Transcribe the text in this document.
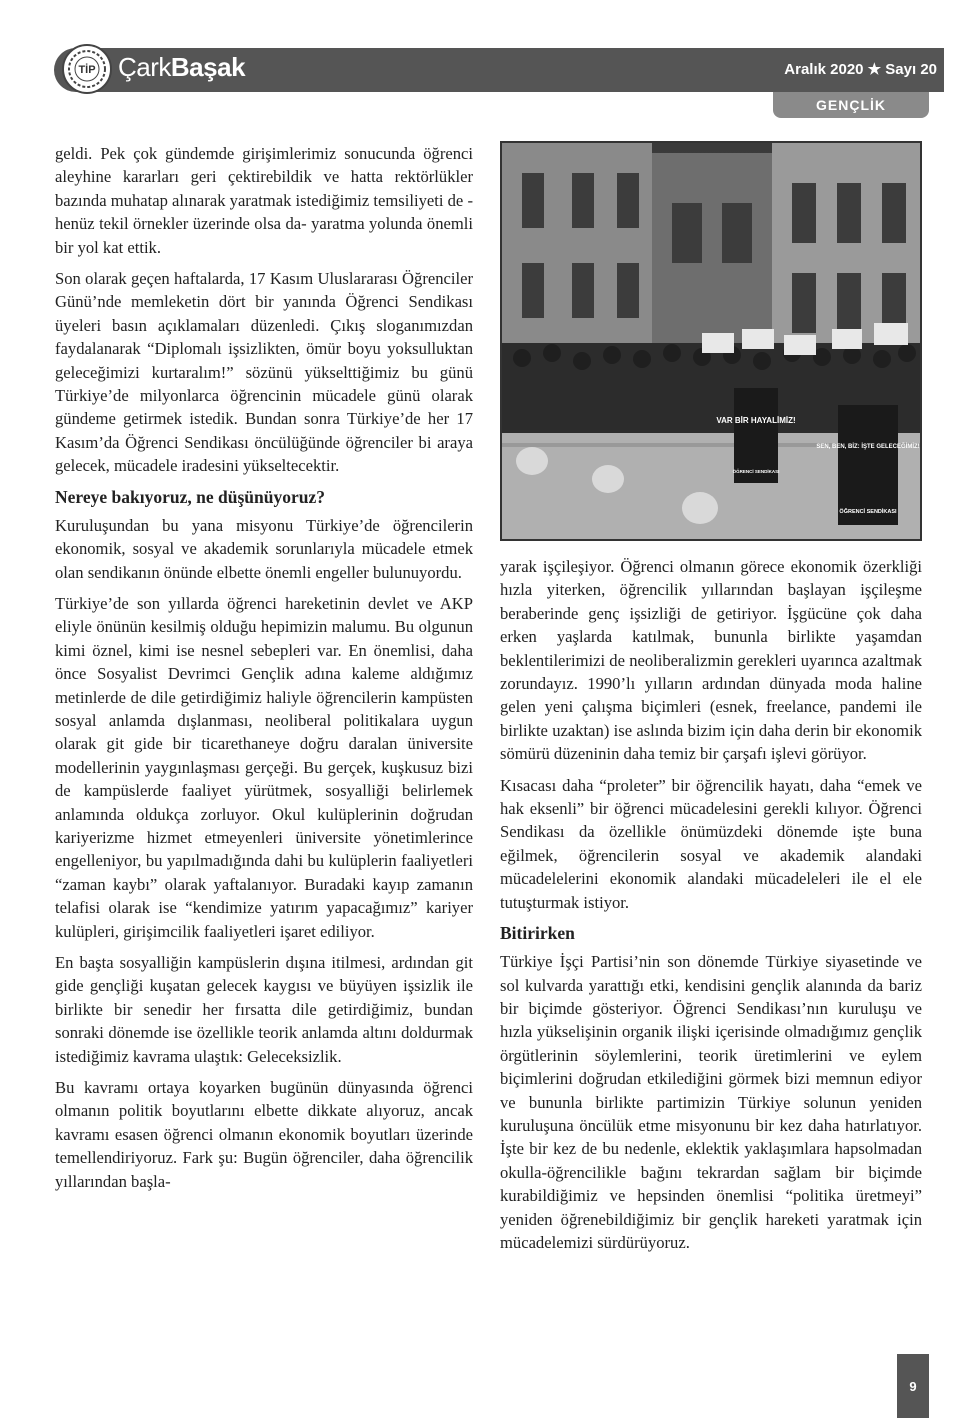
TİP ÇarkBaşak	Aralık 2020 ★ Sayı 20
GENÇLİK

geldi. Pek çok gündemde girişimlerimiz sonucunda öğrenci aleyhine kararları geri çektirebildik ve hatta rektörlükler bazında muhatap alınarak yaratmak istediğimiz temsiliyeti de -henüz tekil örnekler üzerinde olsa da- yaratma yolunda önemli bir yol kat ettik.

Son olarak geçen haftalarda, 17 Kasım Uluslararası Öğrenciler Günü’nde memleketin dört bir yanında Öğrenci Sendikası üyeleri basın açıklamaları düzenledi. Çıkış sloganımızdan faydalanarak “Diplomalı işsizlikten, ömür boyu yoksulluktan geleceğimizi kurtaralım!” sözünü yükselttiğimiz bu günü Türkiye’de milyonlarca öğrencinin mücadele günü olarak gündeme getirmek istedik. Bundan sonra Türkiye’de her 17 Kasım’da Öğrenci Sendikası öncülüğünde öğrenciler bi araya gelecek, mücadele iradesini yükseltecektir.

Nereye bakıyoruz, ne düşünüyoruz?

Kuruluşundan bu yana misyonu Türkiye’de öğrencilerin ekonomik, sosyal ve akademik sorunlarıyla mücadele etmek olan sendikanın önünde elbette önemli engeller bulunuyordu.

Türkiye’de son yıllarda öğrenci hareketinin devlet ve AKP eliyle önünün kesilmiş olduğu hepimizin malumu. Bu olgunun kimi öznel, kimi ise nesnel sebepleri var. En önemlisi, daha önce Sosyalist Devrimci Gençlik adına kaleme aldığımız metinlerde de dile getirdiğimiz haliyle öğrencilerin kampüsten sosyal anlamda dışlanması, neoliberal politikalara uygun olarak git gide bir ticarethaneye doğru daralan üniversite modellerinin yaygınlaşması gerçeği. Bu gerçek, kuşkusuz bizi de kampüslerde faaliyet yürütmek, sosyalliği belirlemek anlamında oldukça zorluyor. Okul kulüplerinin doğrudan kariyerizme hizmet etmeyenleri üniversite yönetimlerince engelleniyor, bu yapılmadığında dahi bu kulüplerin faaliyetleri “zaman kaybı” olarak yaftalanıyor. Buradaki kayıp zamanın telafisi olarak ise “kendimize yatırım yapacağımız” kariyer kulüpleri, girişimcilik faaliyetleri işaret ediliyor.

En başta sosyalliğin kampüslerin dışına itilmesi, ardından git gide gençliği kuşatan gelecek kaygısı ve büyüyen işsizlik ile birlikte bir senedir her fırsatta dile getirdiğimiz, bundan sonraki dönemde ise özellikle teorik anlamda altını doldurmak istediğimiz kavrama ulaştık: Geleceksizlik.

Bu kavramı ortaya koyarken bugünün dünyasında öğrenci olmanın politik boyutlarını elbette dikkate alıyoruz, ancak kavramı esasen öğrenci olmanın ekonomik boyutları üzerinde temellendiriyoruz. Fark şu: Bugün öğrenciler, daha öğrencilik yıllarından başla-

VAR BİR HAYALİMİZ!
ÖĞRENCİ SENDİKASI
SEN, BEN, BİZ: İŞTE GELECEĞİMİZ!
ÖĞRENCİ SENDİKASI

yarak işçileşiyor. Öğrenci olmanın görece ekonomik özerkliği hızla yiterken, öğrencilik yıllarından başlayan işçileşme beraberinde genç işsizliği de getiriyor. İşgücüne çok daha erken yaşlarda katılmak, bununla birlikte yaşamdan beklentilerimizi de neoliberalizmin gerekleri uyarınca azaltmak zorundayız. 1990’lı yılların ardından dünyada moda haline gelen yeni çalışma biçimleri (esnek, freelance, pandemi ile birlikte uzaktan) ise aslında bizim için daha derin bir ekonomik sömürü düzeninin daha temiz bir çarşafı işlevi görüyor.

Kısacası daha “proleter” bir öğrencilik hayatı, daha “emek ve hak eksenli” bir öğrenci mücadelesini gerekli kılıyor. Öğrenci Sendikası da özellikle önümüzdeki dönemde işte buna eğilmek, öğrencilerin sosyal ve akademik alandaki mücadelelerini ekonomik alandaki mücadeleleri ile el ele tutuşturmak istiyor.

Bitirirken

Türkiye İşçi Partisi’nin son dönemde Türkiye siyasetinde ve sol kulvarda yarattığı etki, kendisini gençlik alanında da bariz bir biçimde gösteriyor. Öğrenci Sendikası’nın kuruluşu ve hızla yükselişinin organik ilişki içerisinde olmadığımız gençlik örgütlerinin söylemlerini, teorik üretimlerini ve eylem biçimlerini doğrudan etkilediğini görmek bizi memnun ediyor ve bununla birlikte partimizin Türkiye solunun yeniden kuruluşuna öncülük etme misyonunu bir kez daha hatırlatıyor. İşte bir kez de bu nedenle, eklektik yaklaşımlara hapsolmadan okulla-öğrencilikle bağını tekrardan sağlam bir biçimde kurabildiğimiz ve hepsinden önemlisi “politika üretmeyi” yeniden öğrenebildiğimiz bir gençlik hareketi yaratmak için mücadelemizi sürdürüyoruz.

9
